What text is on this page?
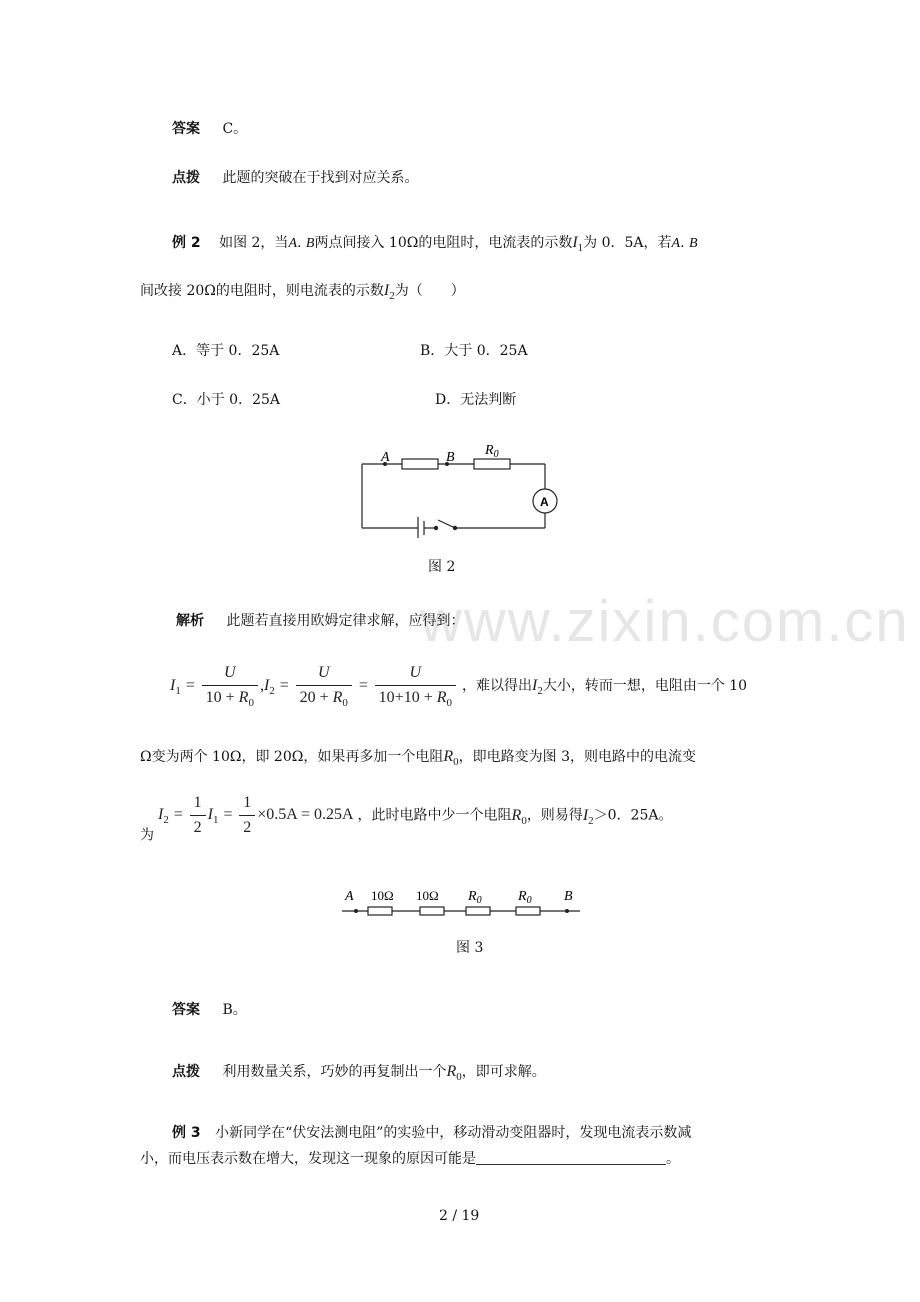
www.zixin.com.cn
答案 C。
点拨 此题的突破在于找到对应关系。
例 2 如图 2，当A. B两点间接入 10Ω的电阻时，电流表的示数$I_1$为 0．5A，若A. B
间改接 20Ω的电阻时，则电流表的示数$I_2$为（　　）
A．等于 0．25A	B．大于 0．25A
C．小于 0．25A	D．无法判断
A	B $R_0$
A
图 2
解析 此题若直接用欧姆定律求解，应得到：
$I_1 = \frac{U}{10 + R_0} ,I_2 = \frac{U}{20 + R_0} = \frac{U}{10+10 + R_0}$ ，难以得出$I_2$大小，转而一想，电阻由一个 10
Ω变为两个 10Ω，即 20Ω，如果再多加一个电阻$R_0$，即电路变为图 3，则电路中的电流变
为 $I_2 = \frac{1}{2} I_1 = \frac{1}{2} \times 0.5A = 0.25A$ ，此时电路中少一个电阻$R_0$，则易得$I_2>0$．25A。
A 10Ω 10Ω $R_0$	$R_0$ B
图 3
答案 B。
点拨 利用数量关系，巧妙的再复制出一个$R_0$，即可求解。
例 3 小新同学在“伏安法测电阻”的实验中，移动滑动变阻器时，发现电流表示数减
小，而电压表示数在增大，发现这一现象的原因可能是	。
2 / 19
